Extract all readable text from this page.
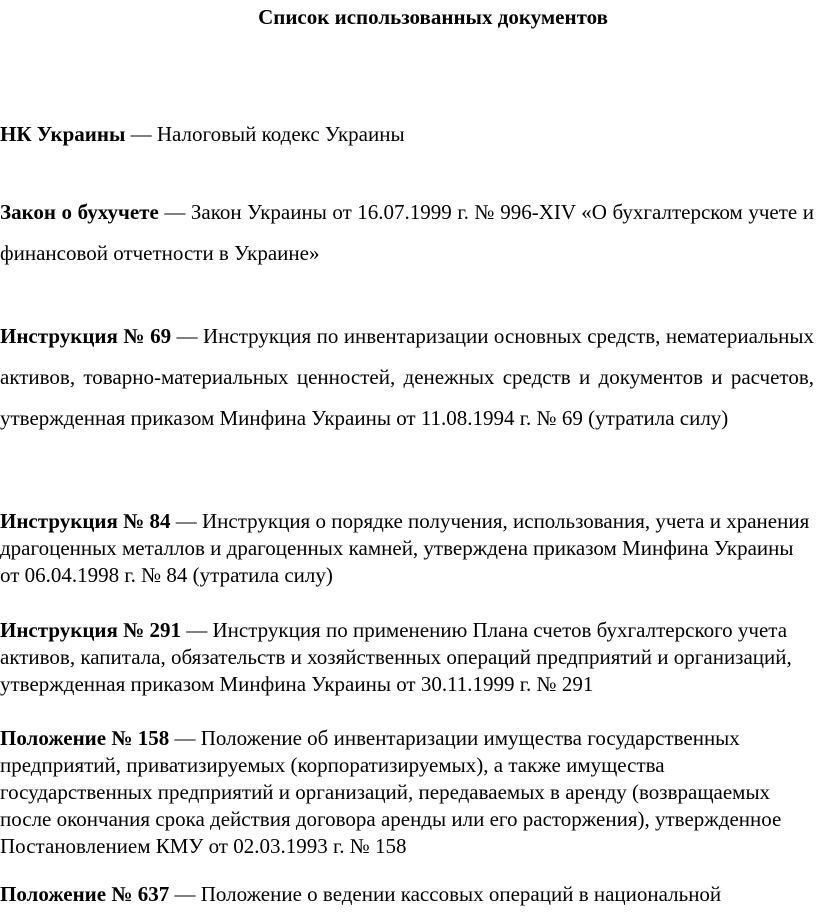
Список использованных документов

НК Украины — Налоговый кодекс Украины

Закон о бухучете — Закон Украины от 16.07.1999 г. № 996-XIV «О бухгалтерском учете и финансовой отчетности в Украине»

Инструкция № 69 — Инструкция по инвентаризации основных средств, нематериальных активов, товарно-материальных ценностей, денежных средств и документов и расчетов, утвержденная приказом Минфина Украины от 11.08.1994 г. № 69 (утратила силу)

Инструкция № 84 — Инструкция о порядке получения, использования, учета и хранения драгоценных металлов и драгоценных камней, утверждена приказом Минфина Украины от 06.04.1998 г. № 84 (утратила силу)

Инструкция № 291 — Инструкция по применению Плана счетов бухгалтерского учета активов, капитала, обязательств и хозяйственных операций предприятий и организаций, утвержденная приказом Минфина Украины от 30.11.1999 г. № 291

Положение № 158 — Положение об инвентаризации имущества государственных предприятий, приватизируемых (корпоратизируемых), а также имущества государственных предприятий и организаций, передаваемых в аренду (возвращаемых после окончания срока действия договора аренды или его расторжения), утвержденное Постановлением КМУ от 02.03.1993 г. № 158

Положение № 637 — Положение о ведении кассовых операций в национальной
